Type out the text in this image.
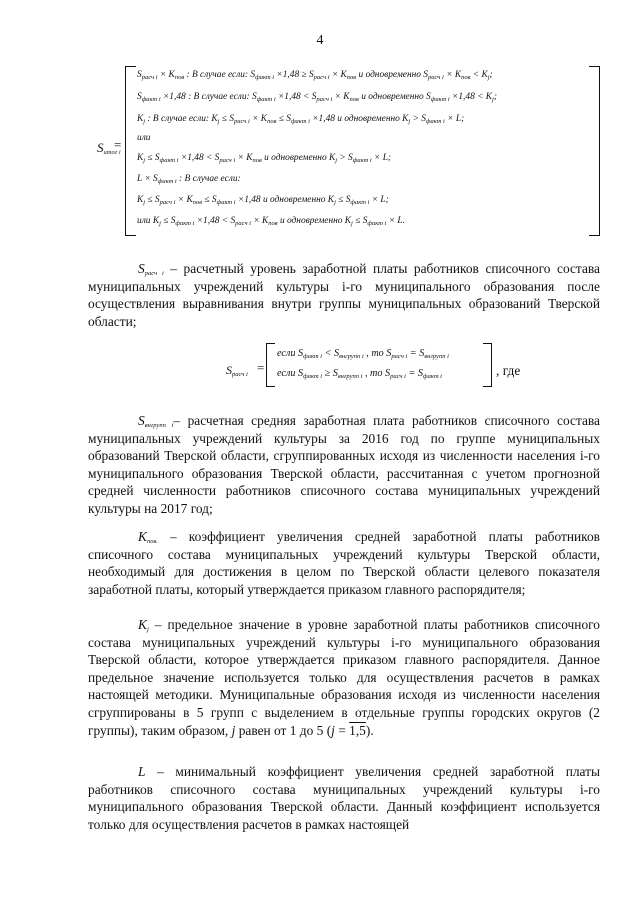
4
$S_{итог i}$
=
$S_{расч i} \times K_{пов}$ : В случае если: $S_{факт i} \times 1,48 \ge S_{расч i} \times K_{пов}$ и одновременно $S_{расч i} \times K_{пов} < K_j$;
$S_{факт i} \times 1,48$ : В случае если: $S_{факт i} \times 1,48 < S_{расч i} \times K_{пов}$ и одновременно $S_{факт i} \times 1,48 < K_j$;
$K_j$ : В случае если: $K_j \le S_{расч i} \times K_{пов} \le S_{факт i} \times 1,48$ и одновременно $K_j > S_{факт i} \times L$;
или
$K_j \le S_{факт i} \times 1,48 < S_{расч i} \times K_{пов}$ и одновременно $K_j > S_{факт i} \times L$;
$L \times S_{факт i}$ : В случае если:
$K_j \le S_{расч i} \times K_{пов} \le S_{факт i} \times 1,48$ и одновременно $K_j \le S_{факт i} \times L$;
или $K_j \le S_{факт i} \times 1,48 < S_{расч i} \times K_{пов}$ и одновременно $K_j \le S_{факт i} \times L$.
$S_{расч i}$ – расчетный уровень заработной платы работников списочного состава муниципальных учреждений культуры i-го муниципального образования после осуществления выравнивания внутри группы муниципальных образований Тверской области;
$S_{расч i}$ =
если $S_{факт i} < S_{внгрупп i}$ , то $S_{расч i} = S_{внгрупп i}$
если $S_{факт i} \ge S_{внгрупп i}$ , то $S_{расч i} = S_{факт i}$	, где
$S_{внгрупп i}-$ расчетная средняя заработная плата работников списочного состава муниципальных учреждений культуры за 2016 год по группе муниципальных образований Тверской области, сгруппированных исходя из численности населения i-го муниципального образования Тверской области, рассчитанная с учетом прогнозной средней численности работников списочного состава муниципальных учреждений культуры на 2017 год;
$K_{пов.}$ – коэффициент увеличения средней заработной платы работников списочного состава муниципальных учреждений культуры Тверской области, необходимый для достижения в целом по Тверской области целевого показателя заработной платы, который утверждается приказом главного распорядителя;
$K_j$ – предельное значение в уровне заработной платы работников списочного состава муниципальных учреждений культуры i-го муниципального образования Тверской области, которое утверждается приказом главного распорядителя. Данное предельное значение используется только для осуществления расчетов в рамках настоящей методики. Муниципальные образования исходя из численности населения сгруппированы в 5 групп с выделением в отдельные группы городских округов (2 группы), таким образом, j равен от 1 до 5 (j = 1,5).
L – минимальный коэффициент увеличения средней заработной платы работников списочного состава муниципальных учреждений культуры i-го муниципального образования Тверской области. Данный коэффициент используется только для осуществления расчетов в рамках настоящей
